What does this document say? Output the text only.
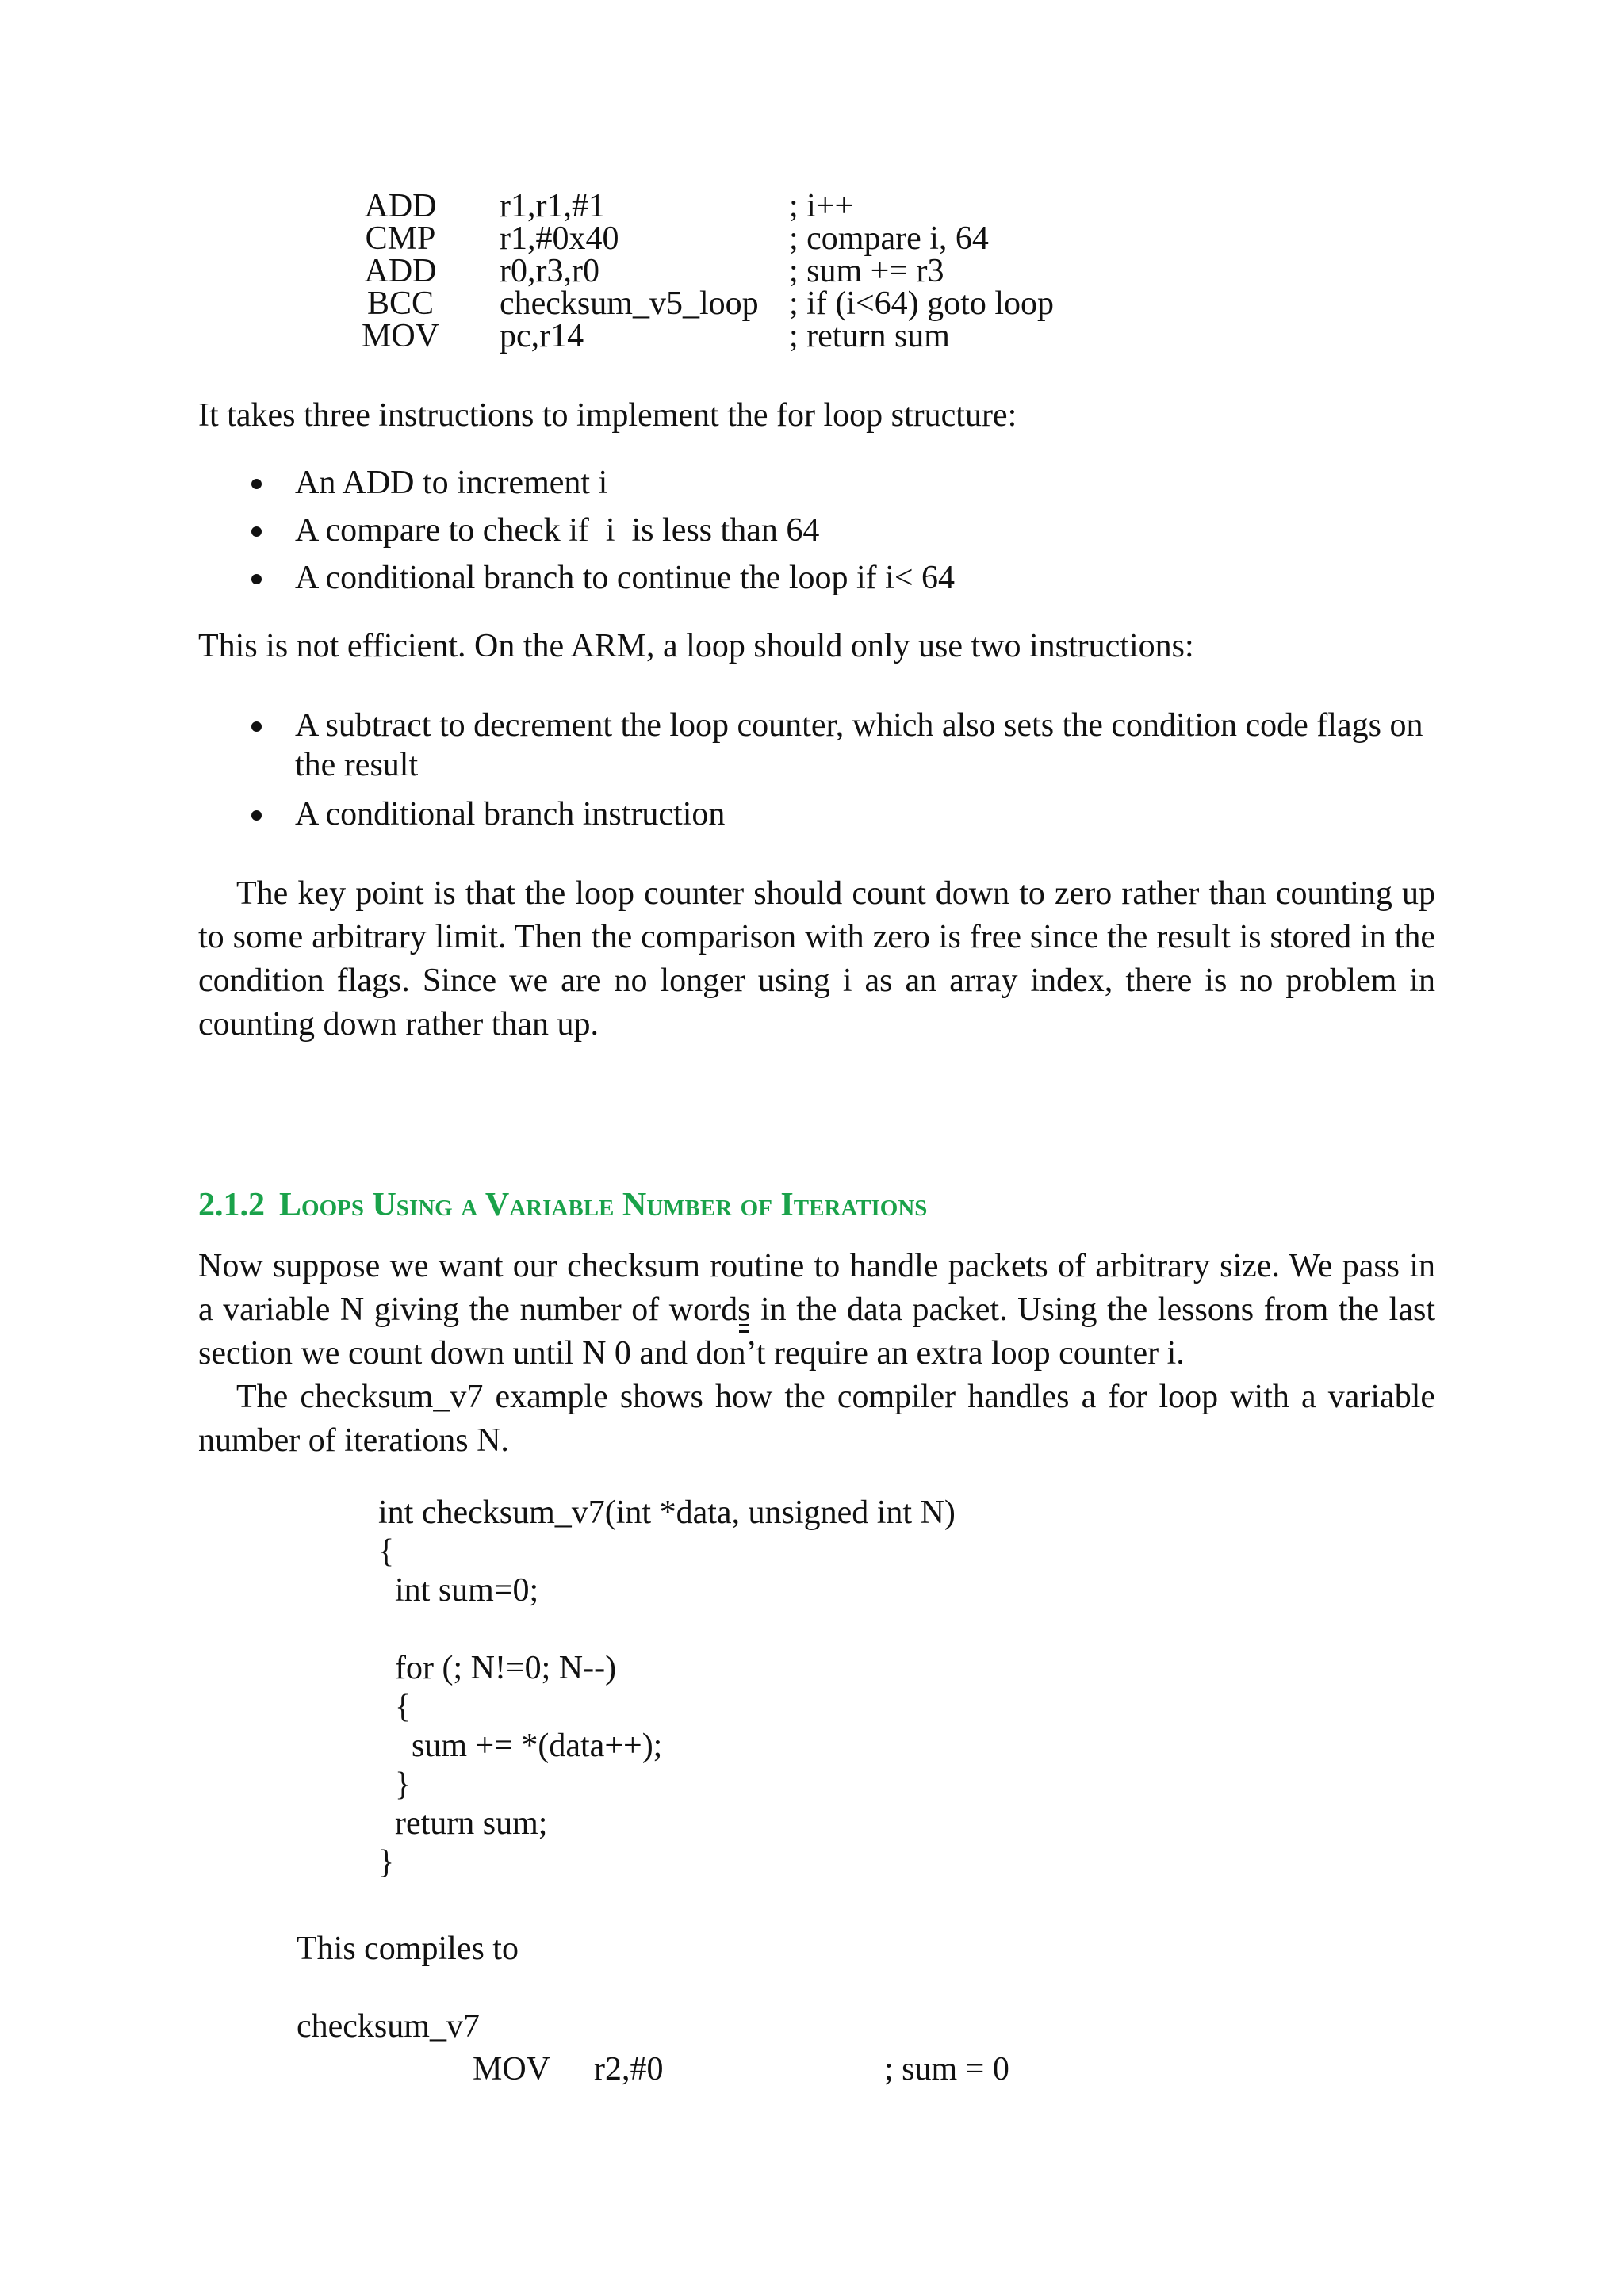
ADD	r1,r1,#1	; i++
CMP	r1,#0x40	; compare i, 64
ADD	r0,r3,r0	; sum += r3
BCC	checksum_v5_loop ; if (i<64) goto loop
MOV	pc,r14	; return sum

It takes three instructions to implement the for loop structure:

An ADD to increment i
A compare to check if  i  is less than 64
A conditional branch to continue the loop if i< 64

This is not efficient. On the ARM, a loop should only use two instructions:

A subtract to decrement the loop counter, which also sets the condition code flags on the result
A conditional branch instruction

The key point is that the loop counter should count down to zero rather than counting up to some arbitrary limit. Then the comparison with zero is free since the result is stored in the condition flags. Since we are no longer using i as an array index, there is no problem in counting down rather than up.

2.1.2 Loops Using a Variable Number of Iterations

Now suppose we want our checksum routine to handle packets of arbitrary size. We pass in a variable N giving the number of words in the data packet. Using the lessons from the last section we count down until N 0 and don’t require an extra loop counter i.

The checksum_v7 example shows how the compiler handles a for loop with a variable number of iterations N.

int checksum_v7(int *data, unsigned int N)
{
int sum=0;
for (; N!=0; N--)
{
sum += *(data++);
}
return sum;
}
This compiles to
checksum_v7
MOV r2,#0	; sum = 0
